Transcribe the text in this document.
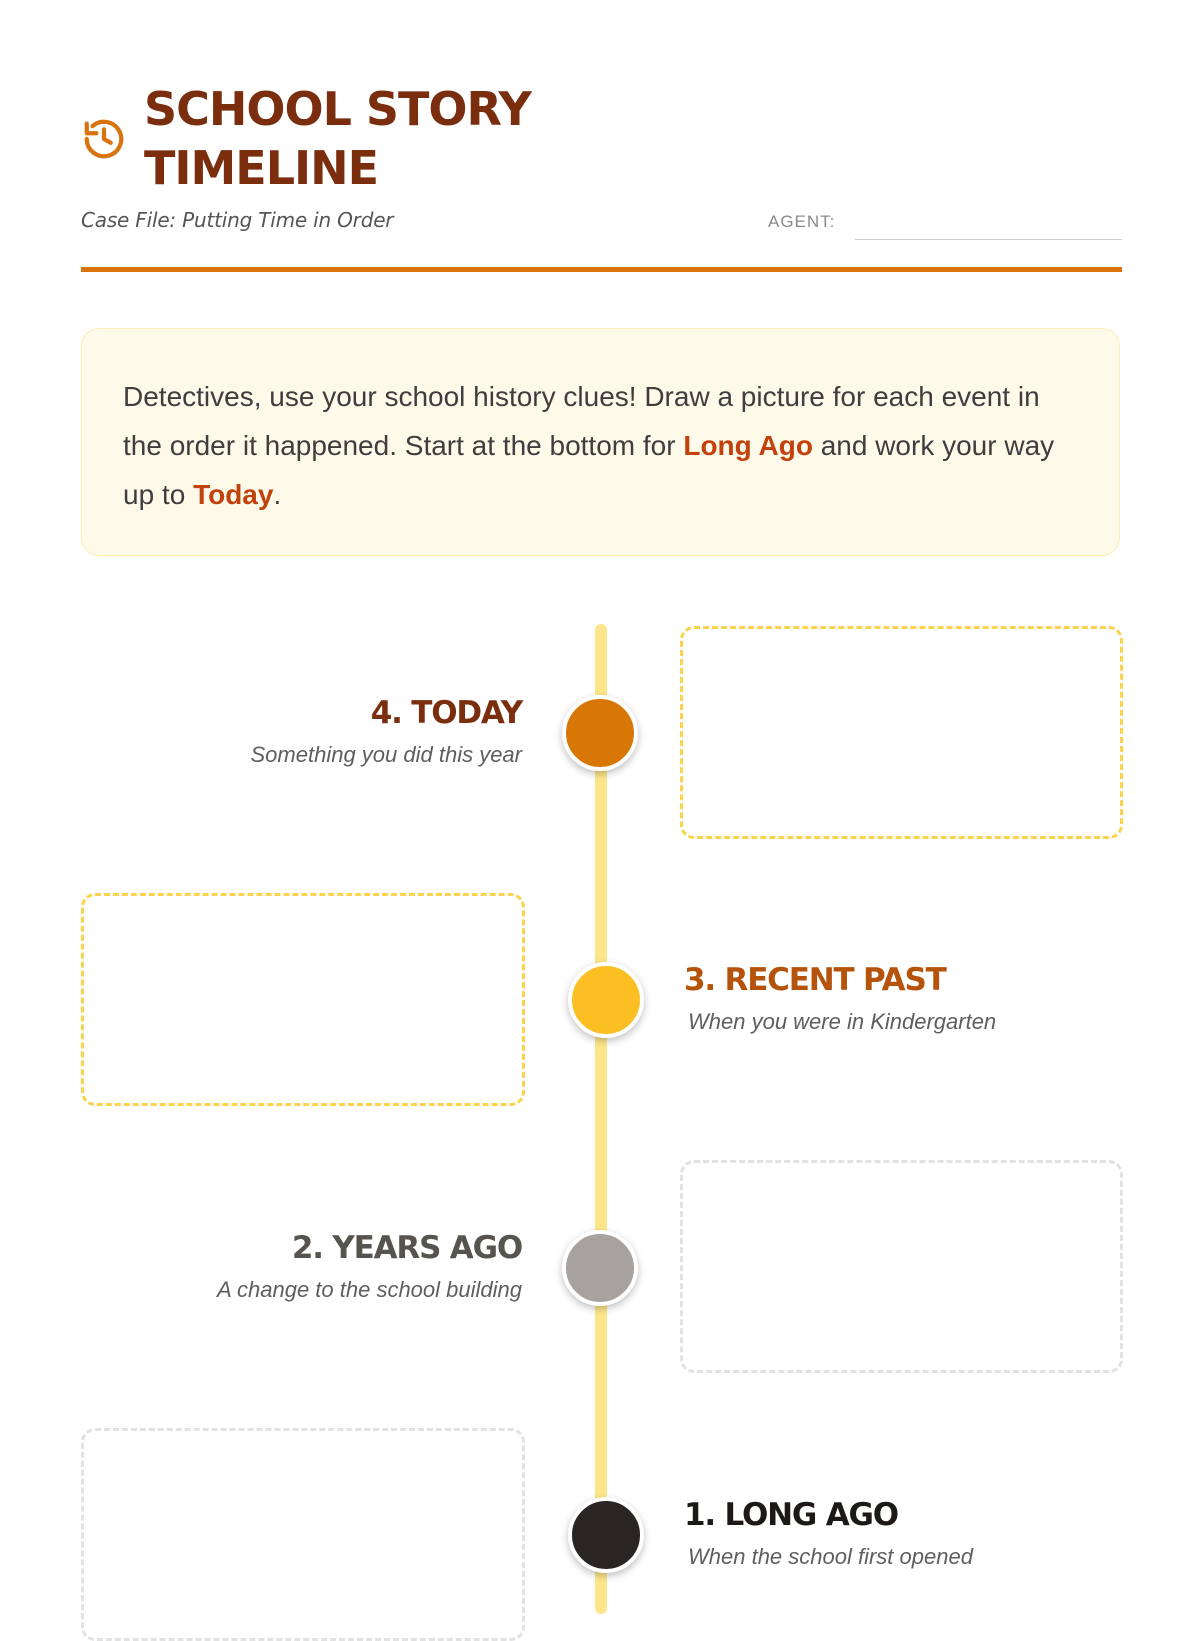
SCHOOL STORY TIMELINE
Case File: Putting Time in Order	AGENT:
Detectives, use your school history clues! Draw a picture for each event in the order it happened. Start at the bottom for Long Ago and work your way up to Today.
4. TODAY
Something you did this year
3. RECENT PAST
When you were in Kindergarten
2. YEARS AGO
A change to the school building
1. LONG AGO
When the school first opened
